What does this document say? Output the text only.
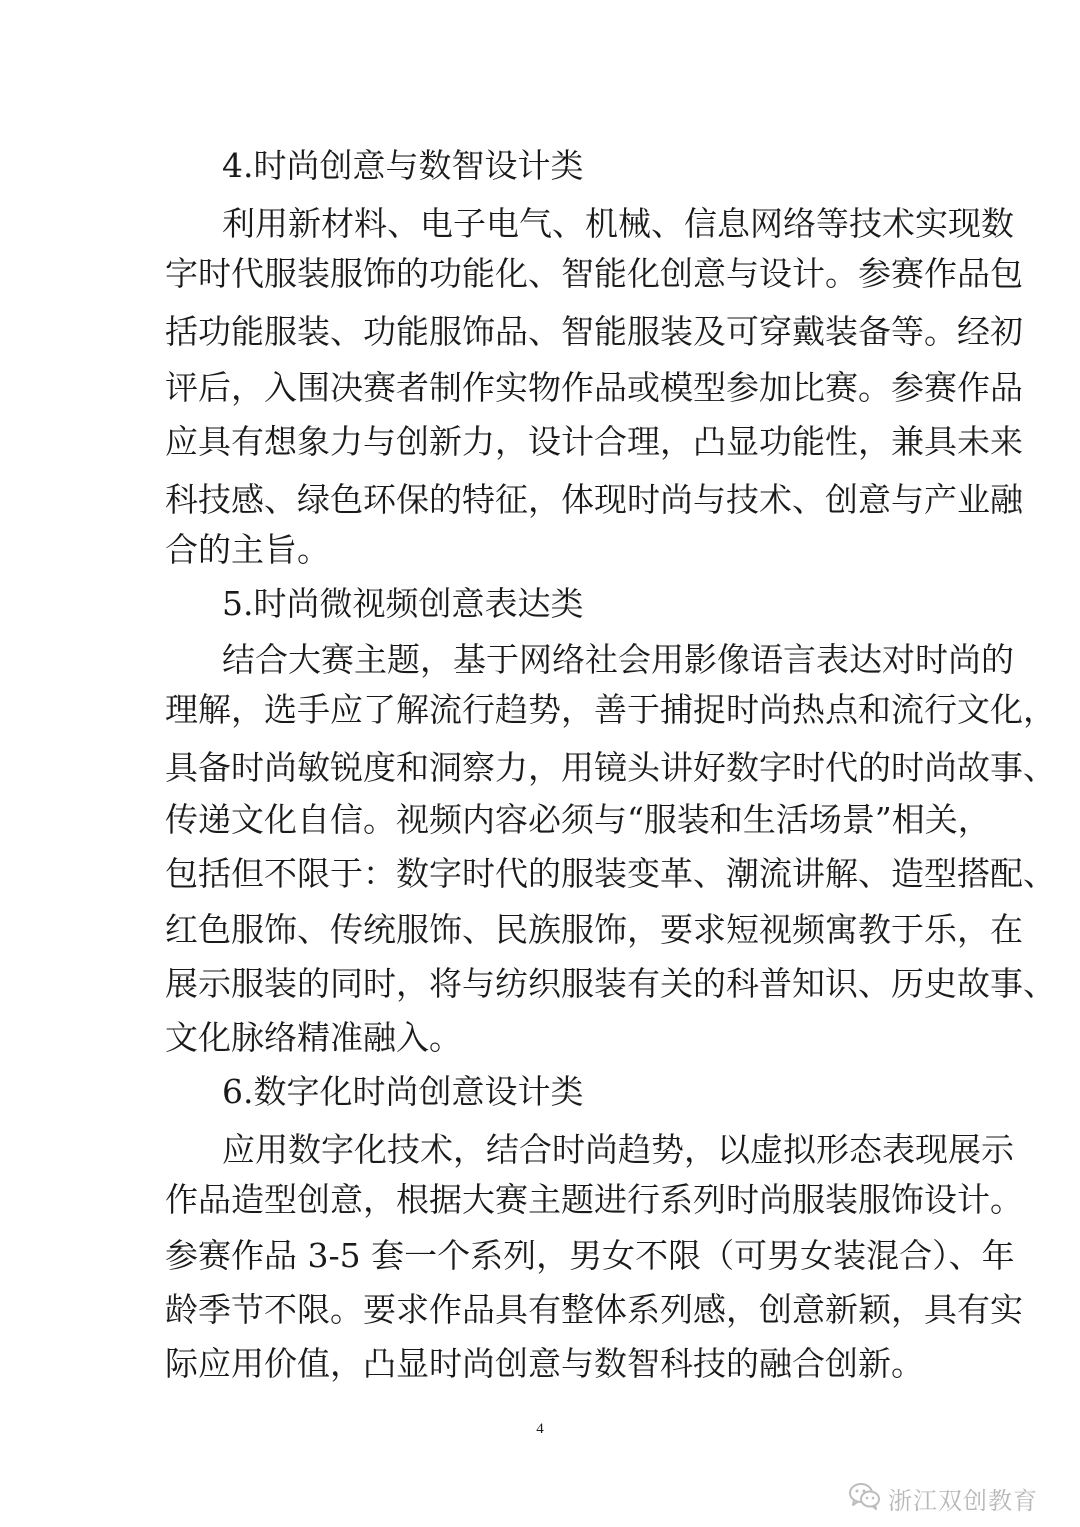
4.时尚创意与数智设计类
利用新材料、电子电气、机械、信息网络等技术实现数
字时代服装服饰的功能化、智能化创意与设计。参赛作品包
括功能服装、功能服饰品、智能服装及可穿戴装备等。经初
评后，入围决赛者制作实物作品或模型参加比赛。参赛作品
应具有想象力与创新力，设计合理，凸显功能性，兼具未来
科技感、绿色环保的特征，体现时尚与技术、创意与产业融
合的主旨。
5.时尚微视频创意表达类
结合大赛主题，基于网络社会用影像语言表达对时尚的
理解，选手应了解流行趋势，善于捕捉时尚热点和流行文化，
具备时尚敏锐度和洞察力，用镜头讲好数字时代的时尚故事、
传递文化自信。视频内容必须与“服装和生活场景”相关，
包括但不限于：数字时代的服装变革、潮流讲解、造型搭配、
红色服饰、传统服饰、民族服饰，要求短视频寓教于乐，在
展示服装的同时，将与纺织服装有关的科普知识、历史故事、
文化脉络精准融入。
6.数字化时尚创意设计类
应用数字化技术，结合时尚趋势，以虚拟形态表现展示
作品造型创意，根据大赛主题进行系列时尚服装服饰设计。
参赛作品 3-5 套一个系列，男女不限（可男女装混合）、年
龄季节不限。要求作品具有整体系列感，创意新颖，具有实
际应用价值，凸显时尚创意与数智科技的融合创新。
4
浙江双创教育
